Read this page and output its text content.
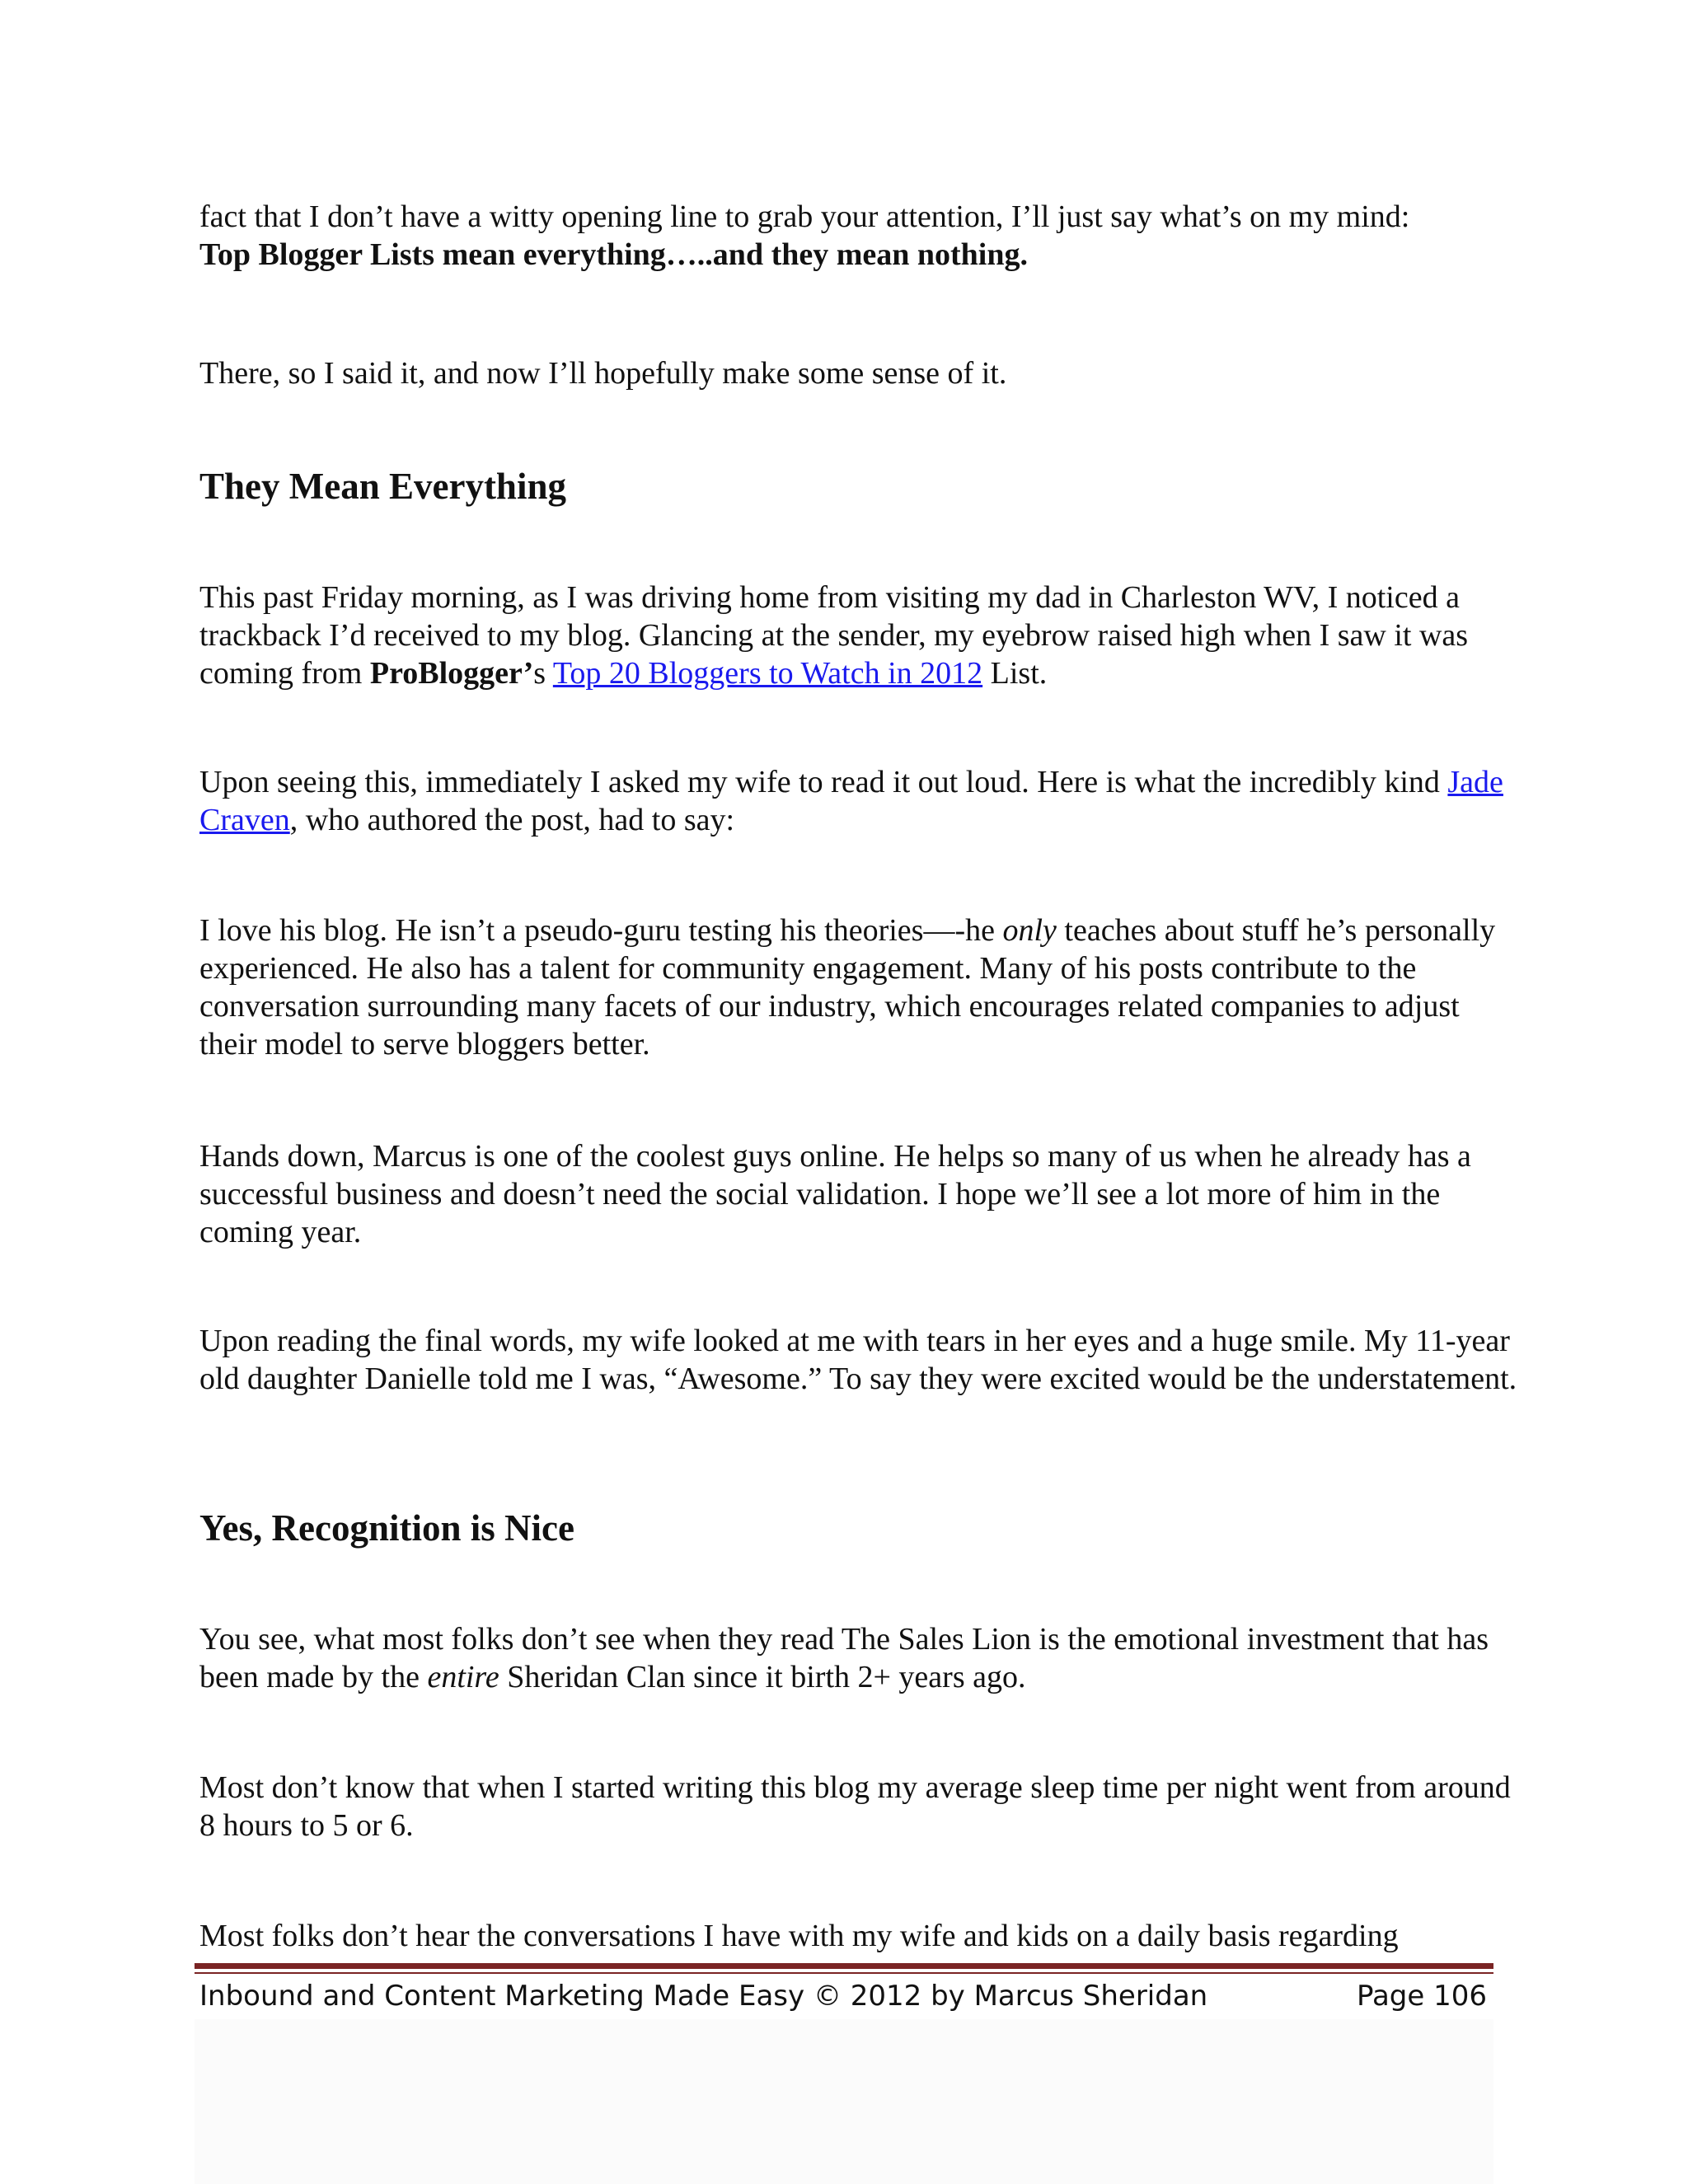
fact that I don’t have a witty opening line to grab your attention, I’ll just say what’s on my mind:
Top Blogger Lists mean everything…..and they mean nothing.

There, so I said it, and now I’ll hopefully make some sense of it.

They Mean Everything

This past Friday morning, as I was driving home from visiting my dad in Charleston WV, I noticed a trackback I’d received to my blog. Glancing at the sender, my eyebrow raised high when I saw it was coming from ProBlogger’s Top 20 Bloggers to Watch in 2012 List.

Upon seeing this, immediately I asked my wife to read it out loud. Here is what the incredibly kind Jade Craven, who authored the post, had to say:

I love his blog. He isn’t a pseudo-guru testing his theories—-he only teaches about stuff he’s personally experienced. He also has a talent for community engagement. Many of his posts contribute to the conversation surrounding many facets of our industry, which encourages related companies to adjust their model to serve bloggers better.

Hands down, Marcus is one of the coolest guys online. He helps so many of us when he already has a successful business and doesn’t need the social validation. I hope we’ll see a lot more of him in the coming year.

Upon reading the final words, my wife looked at me with tears in her eyes and a huge smile. My 11-year old daughter Danielle told me I was, “Awesome.” To say they were excited would be the understatement.

Yes, Recognition is Nice

You see, what most folks don’t see when they read The Sales Lion is the emotional investment that has been made by the entire Sheridan Clan since it birth 2+ years ago.

Most don’t know that when I started writing this blog my average sleep time per night went from around 8 hours to 5 or 6.

Most folks don’t hear the conversations I have with my wife and kids on a daily basis regarding

Inbound and Content Marketing Made Easy © 2012 by Marcus Sheridan	Page 106
